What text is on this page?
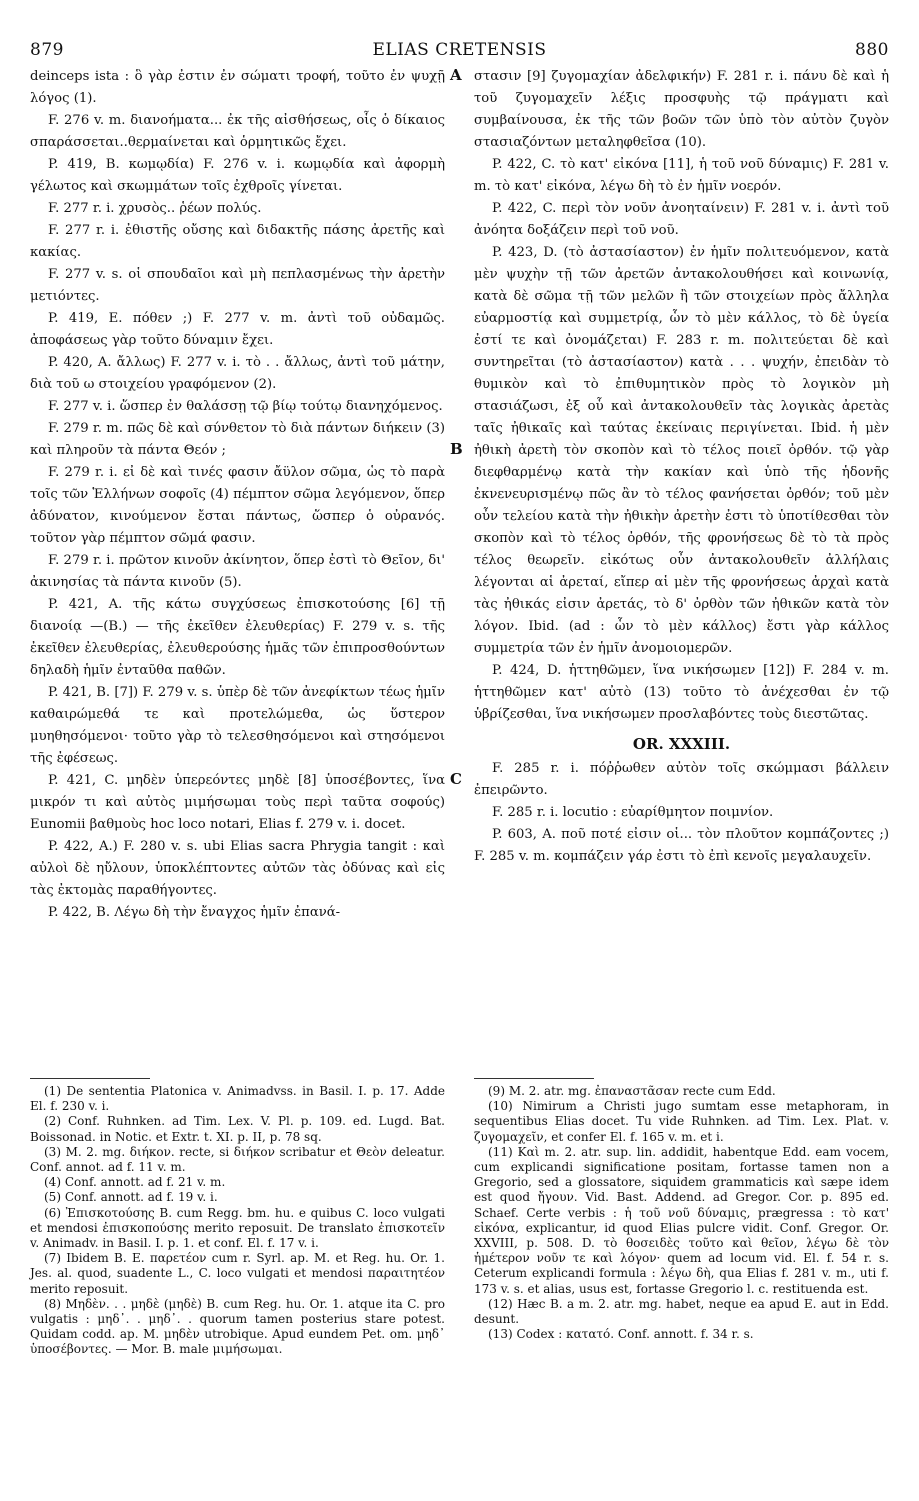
879	ELIAS CRETENSIS	880
A
B
C

deinceps ista : ὃ γὰρ ἐστιν ἐν σώματι τροφή, τοῦτο ἐν ψυχῇ λόγος (1).

F. 276 v. m. διανοήματα... ἐκ τῆς αἰσθήσεως, οἷς ὁ δίκαιος σπαράσσεται..θερμαίνεται καὶ ὁρμητικῶς ἔχει.

P. 419, B. κωμῳδία) F. 276 v. i. κωμῳδία καὶ ἀφορμὴ γέλωτος καὶ σκωμμάτων τοῖς ἐχθροῖς γίνεται.

F. 277 r. i. χρυσὸς.. ῥέων πολύς.

F. 277 r. i. ἐθιστῆς οὔσης καὶ διδακτῆς πάσης ἀρετῆς καὶ κακίας.

F. 277 v. s. οἱ σπουδαῖοι καὶ μὴ πεπλασμένως τὴν ἀρετὴν μετιόντες.

P. 419, E. πόθεν ;) F. 277 v. m. ἀντὶ τοῦ οὐδαμῶς. ἀποφάσεως γὰρ τοῦτο δύναμιν ἔχει.

P. 420, A. ἄλλως) F. 277 v. i. τὸ . . ἄλλως, ἀντὶ τοῦ μάτην, διὰ τοῦ ω στοιχείου γραφόμενον (2).

F. 277 v. i. ὥσπερ ἐν θαλάσσῃ τῷ βίῳ τούτῳ διανηχόμενος.

F. 279 r. m. πῶς δὲ καὶ σύνθετον τὸ διὰ πάντων διήκειν (3) καὶ πληροῦν τὰ πάντα Θεόν ;

F. 279 r. i. εἰ δὲ καὶ τινές φασιν ἄϋλον σῶμα, ὡς τὸ παρὰ τοῖς τῶν Ἑλλήνων σοφοῖς (4) πέμπτον σῶμα λεγόμενον, ὅπερ ἀδύνατον, κινούμενον ἔσται πάντως, ὥσπερ ὁ οὐρανός. τοῦτον γὰρ πέμπτον σῶμά φασιν.

F. 279 r. i. πρῶτον κινοῦν ἀκίνητον, ὅπερ ἐστὶ τὸ Θεῖον, δι' ἀκινησίας τὰ πάντα κινοῦν (5).

P. 421, A. τῆς κάτω συγχύσεως ἐπισκοτούσης [6] τῇ διανοίᾳ —(B.) — τῆς ἐκεῖθεν ἐλευθερίας) F. 279 v. s. τῆς ἐκεῖθεν ἐλευθερίας, ἐλευθερούσης ἡμᾶς τῶν ἐπιπροσθούντων δηλαδὴ ἡμῖν ἐνταῦθα παθῶν.

P. 421, B. [7]) F. 279 v. s. ὑπὲρ δὲ τῶν ἀνεφίκτων τέως ἡμῖν καθαιρώμεθά τε καὶ προτελώμεθα, ὡς ὕστερον μυηθησόμενοι· τοῦτο γὰρ τὸ τελεσθησόμενοι καὶ στησόμενοι τῆς ἐφέσεως.

P. 421, C. μηδὲν ὑπερεόντες μηδὲ [8] ὑποσέβοντες, ἵνα μικρόν τι καὶ αὐτὸς μιμήσωμαι τοὺς περὶ ταῦτα σοφούς) Eunomii βαθμοὺς hoc loco notari, Elias f. 279 v. i. docet.

P. 422, A.) F. 280 v. s. ubi Elias sacra Phrygia tangit : καὶ αὐλοὶ δὲ ηὔλουν, ὑποκλέπτοντες αὐτῶν τὰς ὀδύνας καὶ εἰς τὰς ἐκτομὰς παραθήγοντες.

P. 422, B. Λέγω δὴ τὴν ἔναγχος ἡμῖν ἐπανά-

στασιν [9] ζυγομαχίαν ἀδελφικήν) F. 281 r. i. πάνυ δὲ καὶ ἡ τοῦ ζυγομαχεῖν λέξις προσφυὴς τῷ πράγματι καὶ συμβαίνουσα, ἐκ τῆς τῶν βοῶν τῶν ὑπὸ τὸν αὐτὸν ζυγὸν στασιαζόντων μεταληφθεῖσα (10).

P. 422, C. τὸ κατ' εἰκόνα [11], ἡ τοῦ νοῦ δύναμις) F. 281 v. m. τὸ κατ' εἰκόνα, λέγω δὴ τὸ ἐν ἡμῖν νοερόν.

P. 422, C. περὶ τὸν νοῦν ἀνοηταίνειν) F. 281 v. i. ἀντὶ τοῦ ἀνόητα δοξάζειν περὶ τοῦ νοῦ.

P. 423, D. (τὸ ἀστασίαστον) ἐν ἡμῖν πολιτευόμενον, κατὰ μὲν ψυχὴν τῇ τῶν ἀρετῶν ἀντακολουθήσει καὶ κοινωνίᾳ, κατὰ δὲ σῶμα τῇ τῶν μελῶν ἢ τῶν στοιχείων πρὸς ἄλληλα εὐαρμοστίᾳ καὶ συμμετρίᾳ, ὧν τὸ μὲν κάλλος, τὸ δὲ ὑγεία ἐστί τε καὶ ὀνομάζεται) F. 283 r. m. πολιτεύεται δὲ καὶ συντηρεῖται (τὸ ἀστασίαστον) κατὰ . . . ψυχήν, ἐπειδὰν τὸ θυμικὸν καὶ τὸ ἐπιθυμητικὸν πρὸς τὸ λογικὸν μὴ στασιάζωσι, ἐξ οὗ καὶ ἀντακολουθεῖν τὰς λογικὰς ἀρετὰς ταῖς ἠθικαῖς καὶ ταύτας ἐκείναις περιγίνεται. Ibid. ἡ μὲν ἠθικὴ ἀρετὴ τὸν σκοπὸν καὶ τὸ τέλος ποιεῖ ὀρθόν. τῷ γὰρ διεφθαρμένῳ κατὰ τὴν κακίαν καὶ ὑπὸ τῆς ἡδονῆς ἐκνενευρισμένῳ πῶς ἂν τὸ τέλος φανήσεται ὀρθόν; τοῦ μὲν οὖν τελείου κατὰ τὴν ἠθικὴν ἀρετὴν ἐστι τὸ ὑποτίθεσθαι τὸν σκοπὸν καὶ τὸ τέλος ὀρθόν, τῆς φρονήσεως δὲ τὸ τὰ πρὸς τέλος θεωρεῖν. εἰκότως οὖν ἀντακολουθεῖν ἀλλήλαις λέγονται αἱ ἀρεταί, εἴπερ αἱ μὲν τῆς φρονήσεως ἀρχαὶ κατὰ τὰς ἠθικάς εἰσιν ἀρετάς, τὸ δ' ὀρθὸν τῶν ἠθικῶν κατὰ τὸν λόγον. Ibid. (ad : ὧν τὸ μὲν κάλλος) ἔστι γὰρ κάλλος συμμετρία τῶν ἐν ἡμῖν ἀνομοιομερῶν.

P. 424, D. ἡττηθῶμεν, ἵνα νικήσωμεν [12]) F. 284 v. m. ἡττηθῶμεν κατ' αὐτὸ (13) τοῦτο τὸ ἀνέχεσθαι ἐν τῷ ὑβρίζεσθαι, ἵνα νικήσωμεν προσλαβόντες τοὺς διεστῶτας.

OR. XXXIII.

F. 285 r. i. πόῤῥωθεν αὐτὸν τοῖς σκώμμασι βάλλειν ἐπειρῶντο.

F. 285 r. i. locutio : εὐαρίθμητον ποιμνίον.

P. 603, A. ποῦ ποτέ εἰσιν οἱ... τὸν πλοῦτον κομπάζοντες ;) F. 285 v. m. κομπάζειν γάρ ἐστι τὸ ἐπὶ κενοῖς μεγαλαυχεῖν.

(1) De sententia Platonica v. Animadvss. in Basil. I. p. 17. Adde El. f. 230 v. i.

(2) Conf. Ruhnken. ad Tim. Lex. V. Pl. p. 109. ed. Lugd. Bat. Boissonad. in Notic. et Extr. t. XI. p. II, p. 78 sq.

(3) M. 2. mg. διήκον. recte, si διήκον scribatur et Θεὸν deleatur. Conf. annot. ad f. 11 v. m.

(4) Conf. annott. ad f. 21 v. m.

(5) Conf. annott. ad f. 19 v. i.

(6) Ἐπισκοτούσης B. cum Regg. bm. hu. e quibus C. loco vulgati et mendosi ἐπισκοπούσης merito reposuit. De translato ἐπισκοτεῖν v. Animadv. in Basil. I. p. 1. et conf. El. f. 17 v. i.

(7) Ibidem B. E. παρετέον cum r. Syrl. ap. M. et Reg. hu. Or. 1. Jes. al. quod, suadente L., C. loco vulgati et mendosi παραιτητέον merito reposuit.

(8) Μηδὲν. . . μηδὲ (μηδὲ) B. cum Reg. hu. Or. 1. atque ita C. pro vulgatis : μηδ᾽. . μηδ᾽. . quorum tamen posterius stare potest. Quidam codd. ap. M. μηδὲν utrobique. Apud eundem Pet. om. μηδ᾽ ὑποσέβοντες. — Mor. B. male μιμήσωμαι.

(9) M. 2. atr. mg. ἐπαναστᾶσαν recte cum Edd.

(10) Nimirum a Christi jugo sumtam esse metaphoram, in sequentibus Elias docet. Tu vide Ruhnken. ad Tim. Lex. Plat. v. ζυγομαχεῖν, et confer El. f. 165 v. m. et i.

(11) Καὶ m. 2. atr. sup. lin. addidit, habentque Edd. eam vocem, cum explicandi significatione positam, fortasse tamen non a Gregorio, sed a glossatore, siquidem grammaticis καὶ sæpe idem est quod ἤγουν. Vid. Bast. Addend. ad Gregor. Cor. p. 895 ed. Schaef. Certe verbis : ἡ τοῦ νοῦ δύναμις, prægressa : τὸ κατ' εἰκόνα, explicantur, id quod Elias pulcre vidit. Conf. Gregor. Or. XXVIII, p. 508. D. τὸ θοσειδὲς τοῦτο καὶ θεῖον, λέγω δὲ τὸν ἡμέτερον νοῦν τε καὶ λόγον· quem ad locum vid. El. f. 54 r. s. Ceterum explicandi formula : λέγω δὴ, qua Elias f. 281 v. m., uti f. 173 v. s. et alias, usus est, fortasse Gregorio l. c. restituenda est.

(12) Hæc B. a m. 2. atr. mg. habet, neque ea apud E. aut in Edd. desunt.

(13) Codex : κατατό. Conf. annott. f. 34 r. s.
